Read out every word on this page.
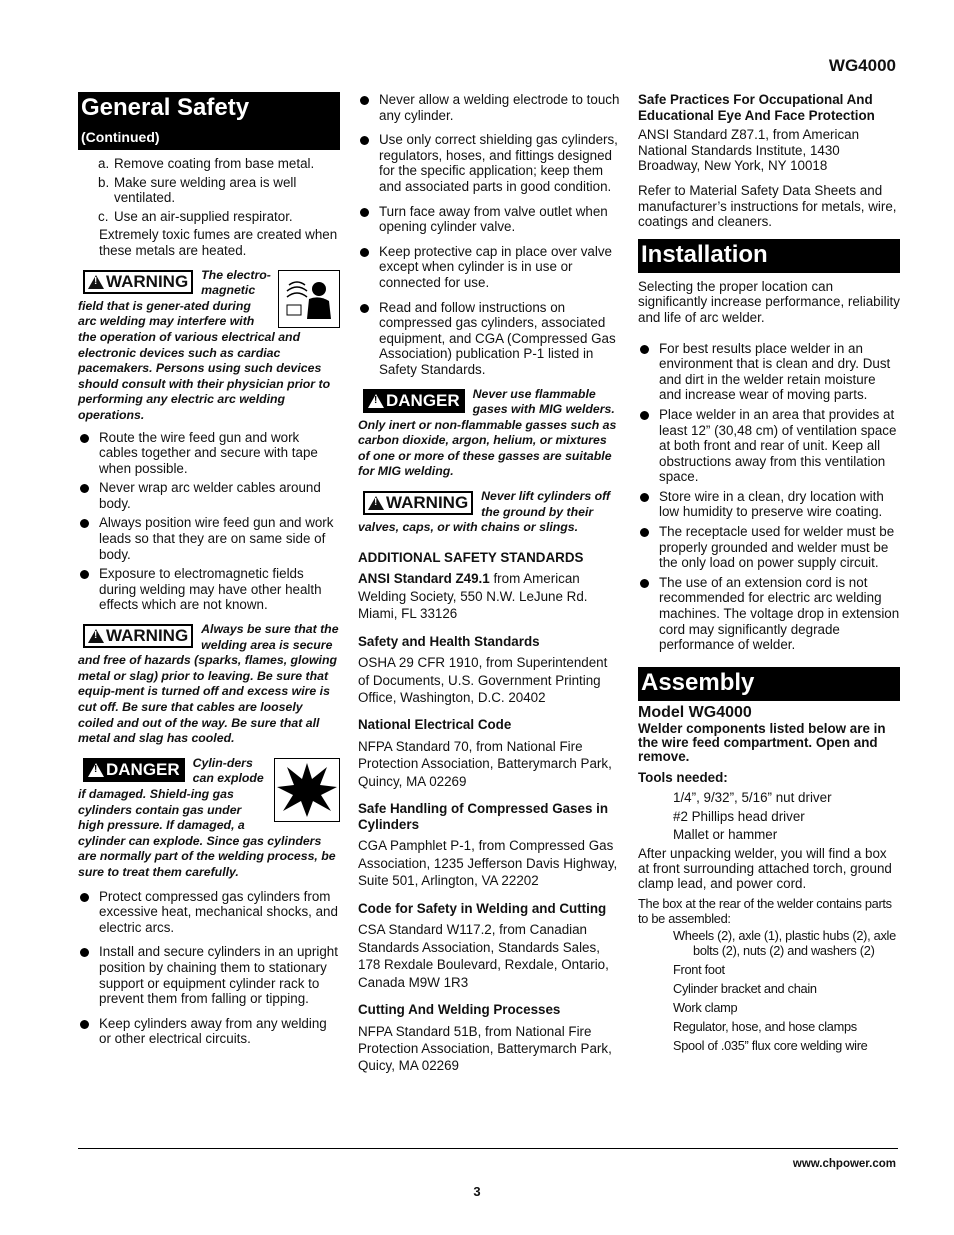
WG4000
General Safety
(Continued)
a. Remove coating from base metal.
b. Make sure welding area is well ventilated.
c. Use an air-supplied respirator.
Extremely toxic fumes are created when these metals are heated.
!
WARNING The electro-magnetic field that is gener-ated during arc welding may interfere with the operation of various electrical and electronic devices such as cardiac pacemakers. Persons using such devices should consult with their physician prior to performing any electric arc welding operations.
Route the wire feed gun and work cables together and secure with tape when possible.
Never wrap arc welder cables around body.
Always position wire feed gun and work leads so that they are on same side of body.
Exposure to electromagnetic fields during welding may have other health effects which are not known.
!
WARNING Always be sure that the welding area is secure and free of hazards (sparks, flames, glowing metal or slag) prior to leaving. Be sure that equip-ment is turned off and excess wire is cut off. Be sure that cables are loosely coiled and out of the way. Be sure that all metal and slag has cooled.
!
DANGER Cylin-ders can explode if damaged. Shield-ing gas cylinders contain gas under high pressure. If damaged, a cylinder can explode. Since gas cylinders are normally part of the welding process, be sure to treat them carefully.
Protect compressed gas cylinders from excessive heat, mechanical shocks, and electric arcs.
Install and secure cylinders in an upright position by chaining them to stationary support or equipment cylinder rack to prevent them from falling or tipping.
Keep cylinders away from any welding or other electrical circuits.
Never allow a welding electrode to touch any cylinder.
Use only correct shielding gas cylinders, regulators, hoses, and fittings designed for the specific application; keep them and associated parts in good condition.
Turn face away from valve outlet when opening cylinder valve.
Keep protective cap in place over valve except when cylinder is in use or connected for use.
Read and follow instructions on compressed gas cylinders, associated equipment, and CGA (Compressed Gas Association) publication P-1 listed in Safety Standards.
!
DANGER Never use flammable gases with MIG welders. Only inert or non-flammable gasses such as carbon dioxide, argon, helium, or mixtures of one or more of these gasses are suitable for MIG welding.
!
WARNING Never lift cylinders off the ground by their valves, caps, or with chains or slings.
ADDITIONAL SAFETY STANDARDS
ANSI Standard Z49.1 from American Welding Society, 550 N.W. LeJune Rd. Miami, FL 33126
Safety and Health Standards
OSHA 29 CFR 1910, from Superintendent of Documents, U.S. Government Printing Office, Washington, D.C. 20402
National Electrical Code
NFPA Standard 70, from National Fire Protection Association, Batterymarch Park, Quincy, MA 02269
Safe Handling of Compressed Gases in Cylinders
CGA Pamphlet P-1, from Compressed Gas Association, 1235 Jefferson Davis Highway, Suite 501, Arlington, VA 22202
Code for Safety in Welding and Cutting
CSA Standard W117.2, from Canadian Standards Association, Standards Sales, 178 Rexdale Boulevard, Rexdale, Ontario, Canada M9W 1R3
Cutting And Welding Processes
NFPA Standard 51B, from National Fire Protection Association, Batterymarch Park, Quicy, MA 02269
Safe Practices For Occupational And Educational Eye And Face Protection
ANSI Standard Z87.1, from American National Standards Institute, 1430 Broadway, New York, NY 10018
Refer to Material Safety Data Sheets and manufacturer’s instructions for metals, wire, coatings and cleaners.
Installation
Selecting the proper location can significantly increase performance, reliability and life of arc welder.
For best results place welder in an environment that is clean and dry. Dust and dirt in the welder retain moisture and increase wear of moving parts.
Place welder in an area that provides at least 12” (30,48 cm) of ventilation space at both front and rear of unit. Keep all obstructions away from this ventilation space.
Store wire in a clean, dry location with low humidity to preserve wire coating.
The receptacle used for welder must be properly grounded and welder must be the only load on power supply circuit.
The use of an extension cord is not recommended for electric arc welding machines. The voltage drop in extension cord may significantly degrade performance of welder.
Assembly
Model WG4000
Welder components listed below are in the wire feed compartment. Open and remove.
Tools needed:
1/4”, 9/32”, 5/16” nut driver
#2 Phillips head driver
Mallet or hammer
After unpacking welder, you will find a box at front surrounding attached torch, ground clamp lead, and power cord.
The box at the rear of the welder contains parts to be assembled:
Wheels (2), axle (1), plastic hubs (2), axle bolts (2), nuts (2) and washers (2)
Front foot
Cylinder bracket and chain
Work clamp
Regulator, hose, and hose clamps
Spool of .035” flux core welding wire
www.chpower.com
3
